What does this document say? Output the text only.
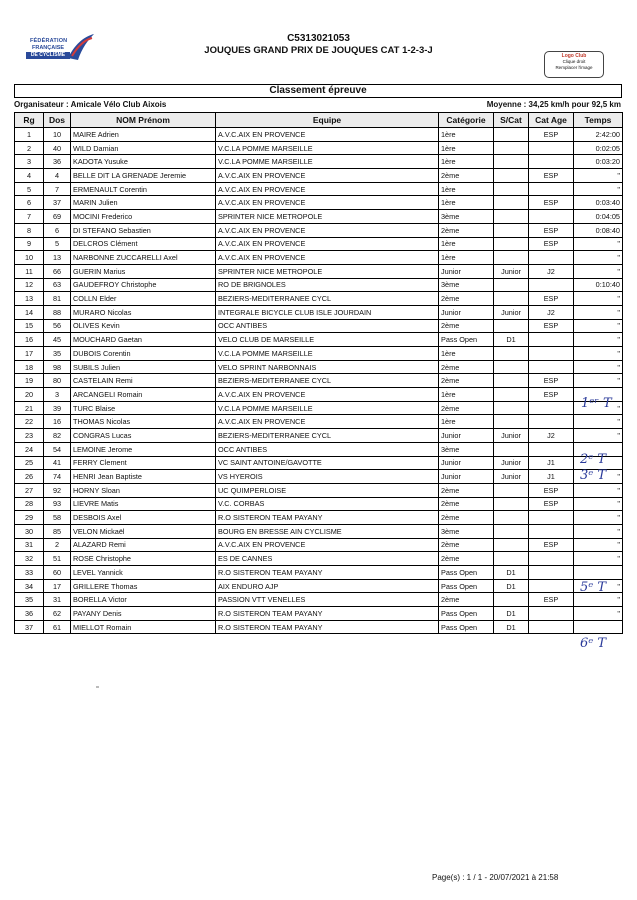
FÉDÉRATION
FRANÇAISE
DE CYCLISME
C5313021053
JOUQUES GRAND PRIX DE JOUQUES CAT 1-2-3-J	Logo Club
Clique droit
Remplacer l'image
Classement épreuve
Organisateur : Amicale Vélo Club Aixois	Moyenne : 34,25 km/h pour 92,5 km
Rg	Dos	NOM Prénom	Equipe	Catégorie	S/Cat	Cat Age	Temps
1	10	MAIRE Adrien	A.V.C.AIX EN PROVENCE	1ère		ESP	2:42:00
2	40	WILD Damian	V.C.LA POMME MARSEILLE	1ère			0:02:05
3	36	KADOTA Yusuke	V.C.LA POMME MARSEILLE	1ère			0:03:20
4	4	BELLE DIT LA GRENADE Jeremie	A.V.C.AIX EN PROVENCE	2ème		ESP	"
5	7	ERMENAULT Corentin	A.V.C.AIX EN PROVENCE	1ère			"
6	37	MARIN Julien	A.V.C.AIX EN PROVENCE	1ère		ESP	0:03:40
7	69	MOCINI Frederico	SPRINTER NICE METROPOLE	3ème			0:04:05
8	6	DI STEFANO Sebastien	A.V.C.AIX EN PROVENCE	2ème		ESP	0:08:40
9	5	DELCROS Clément	A.V.C.AIX EN PROVENCE	1ère		ESP	"
10	13	NARBONNE ZUCCARELLI Axel	A.V.C.AIX EN PROVENCE	1ère			"
11	66	GUERIN Marius	SPRINTER NICE METROPOLE	Junior	Junior	J2	"
12	63	GAUDEFROY Christophe	RO DE BRIGNOLES	3ème			0:10:40
13	81	COLLN Elder	BEZIERS-MEDITERRANEE CYCL	2ème		ESP	"
14	88	MURARO Nicolas	INTEGRALE BICYCLE CLUB ISLE JOURDAIN	Junior	Junior	J2	"
15	56	OLIVES Kevin	OCC ANTIBES	2ème		ESP	"
16	45	MOUCHARD Gaetan	VELO CLUB DE MARSEILLE	Pass Open	D1		"
17	35	DUBOIS Corentin	V.C.LA POMME MARSEILLE	1ère			"
18	98	SUBILS Julien	VELO SPRINT NARBONNAIS	2ème			"
19	80	CASTELAIN Remi	BEZIERS-MEDITERRANEE CYCL	2ème		ESP	"
20	3	ARCANGELI Romain	A.V.C.AIX EN PROVENCE	1ère		ESP	
21	39	TURC Blaise	V.C.LA POMME MARSEILLE	2ème			"
22	16	THOMAS Nicolas	A.V.C.AIX EN PROVENCE	1ère			"
23	82	CONGRAS Lucas	BEZIERS-MEDITERRANEE CYCL	Junior	Junior	J2	"
24	54	LEMOINE Jerome	OCC ANTIBES	3ème			
25	41	FERRY Clement	VC SAINT ANTOINE/GAVOTTE	Junior	Junior	J1	
26	74	HENRI Jean Baptiste	VS HYEROIS	Junior	Junior	J1	"
27	92	HORNY Sloan	UC QUIMPERLOISE	2ème		ESP	"
28	93	LIEVRE Matis	V.C. CORBAS	2ème		ESP	"
29	58	DESBOIS Axel	R.O SISTERON TEAM PAYANY	2ème			"
30	85	VELON Mickaël	BOURG EN BRESSE AIN CYCLISME	3ème			"
31	2	ALAZARD Remi	A.V.C.AIX EN PROVENCE	2ème		ESP	"
32	51	ROSE Christophe	ES DE CANNES	2ème			"
33	60	LEVEL Yannick	R.O SISTERON TEAM PAYANY	Pass Open	D1		
34	17	GRILLERE Thomas	AIX ENDURO AJP	Pass Open	D1		"
35	31	BORELLA Victor	PASSION VTT VENELLES	2ème		ESP	"
36	62	PAYANY Denis	R.O SISTERON TEAM PAYANY	Pass Open	D1		"
37	61	MIELLOT Romain	R.O SISTERON TEAM PAYANY	Pass Open	D1		
1ᵉʳ T
2ᵉ T
3ᵉ T
5ᵉ T
6ᵉ T
Page(s) : 1 / 1 - 20/07/2021 à 21:58
